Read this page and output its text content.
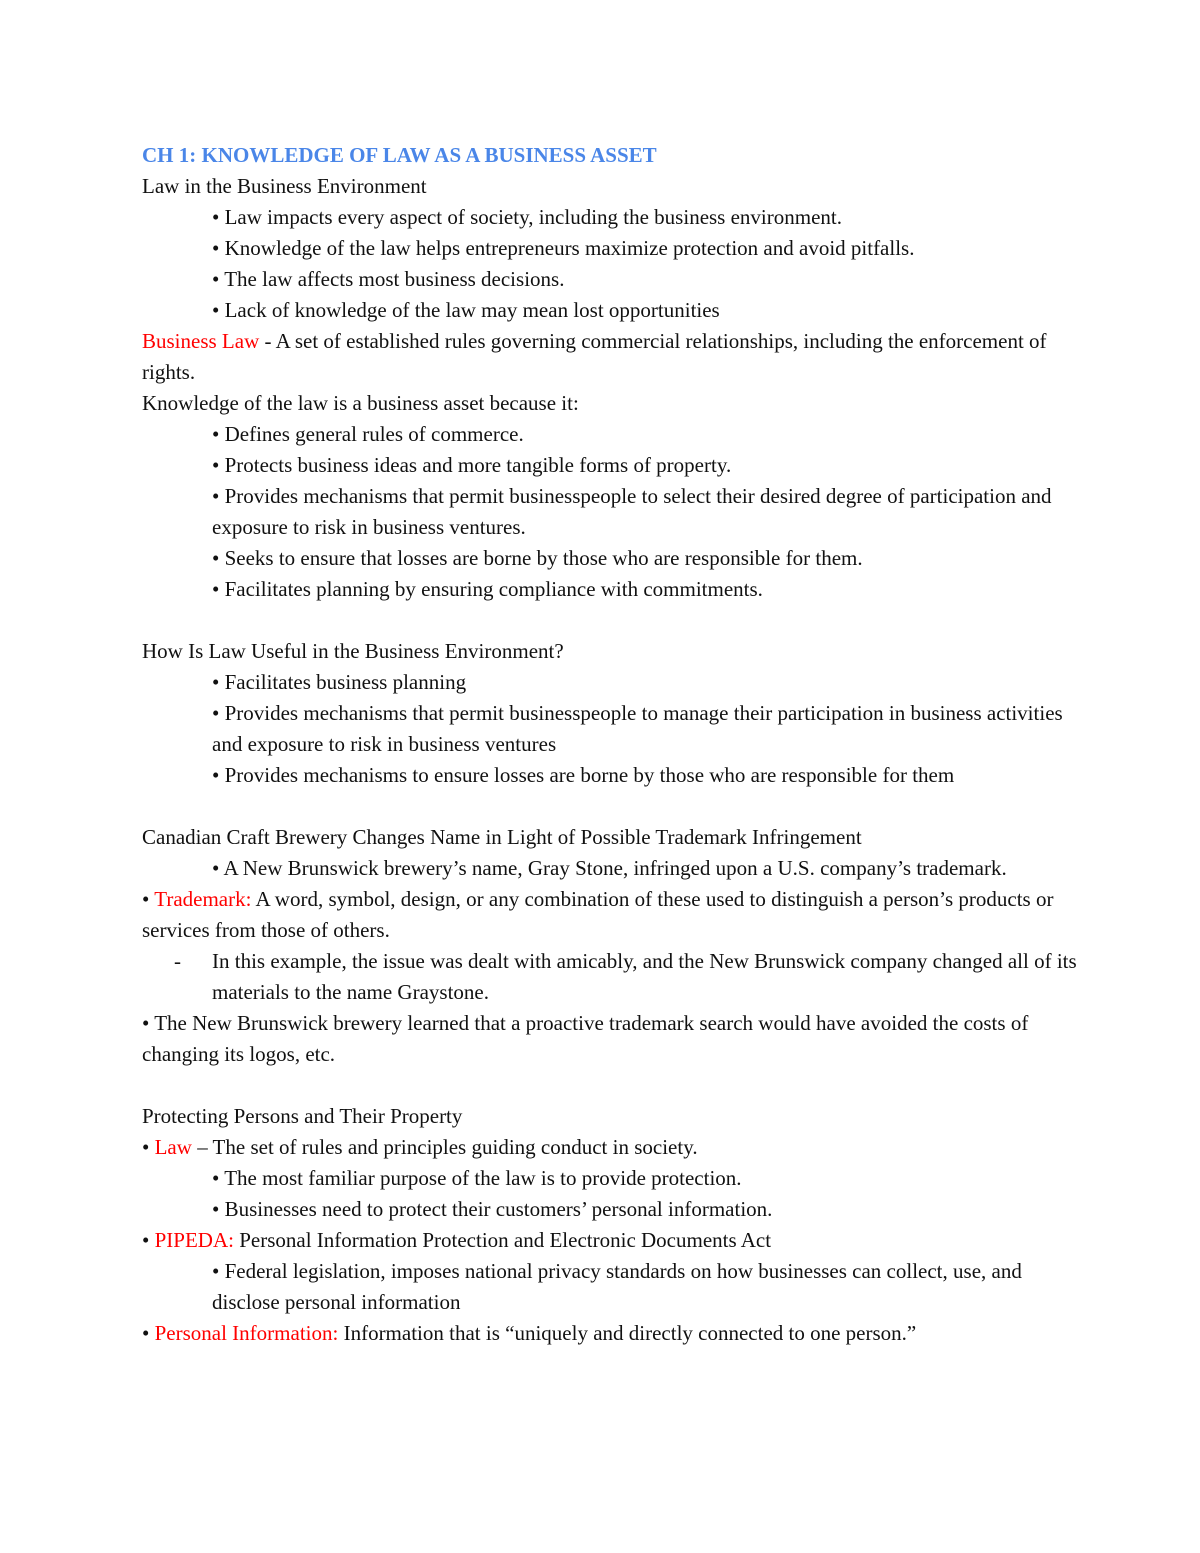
CH 1: KNOWLEDGE OF LAW AS A BUSINESS ASSET
Law in the Business Environment
• Law impacts every aspect of society, including the business environment.
• Knowledge of the law helps entrepreneurs maximize protection and avoid pitfalls.
• The law affects most business decisions.
• Lack of knowledge of the law may mean lost opportunities
Business Law - A set of established rules governing commercial relationships, including the enforcement of rights.
Knowledge of the law is a business asset because it:
• Defines general rules of commerce.
• Protects business ideas and more tangible forms of property.
• Provides mechanisms that permit businesspeople to select their desired degree of participation and exposure to risk in business ventures.
• Seeks to ensure that losses are borne by those who are responsible for them.
• Facilitates planning by ensuring compliance with commitments.
How Is Law Useful in the Business Environment?
• Facilitates business planning
• Provides mechanisms that permit businesspeople to manage their participation in business activities and exposure to risk in business ventures
• Provides mechanisms to ensure losses are borne by those who are responsible for them
Canadian Craft Brewery Changes Name in Light of Possible Trademark Infringement
• A New Brunswick brewery’s name, Gray Stone, infringed upon a U.S. company’s trademark.
• Trademark: A word, symbol, design, or any combination of these used to distinguish a person’s products or services from those of others.
-	In this example, the issue was dealt with amicably, and the New Brunswick company changed all of its materials to the name Graystone.
• The New Brunswick brewery learned that a proactive trademark search would have avoided the costs of changing its logos, etc.
Protecting Persons and Their Property
• Law – The set of rules and principles guiding conduct in society.
• The most familiar purpose of the law is to provide protection.
• Businesses need to protect their customers’ personal information.
• PIPEDA: Personal Information Protection and Electronic Documents Act
• Federal legislation, imposes national privacy standards on how businesses can collect, use, and disclose personal information
• Personal Information: Information that is “uniquely and directly connected to one person.”
